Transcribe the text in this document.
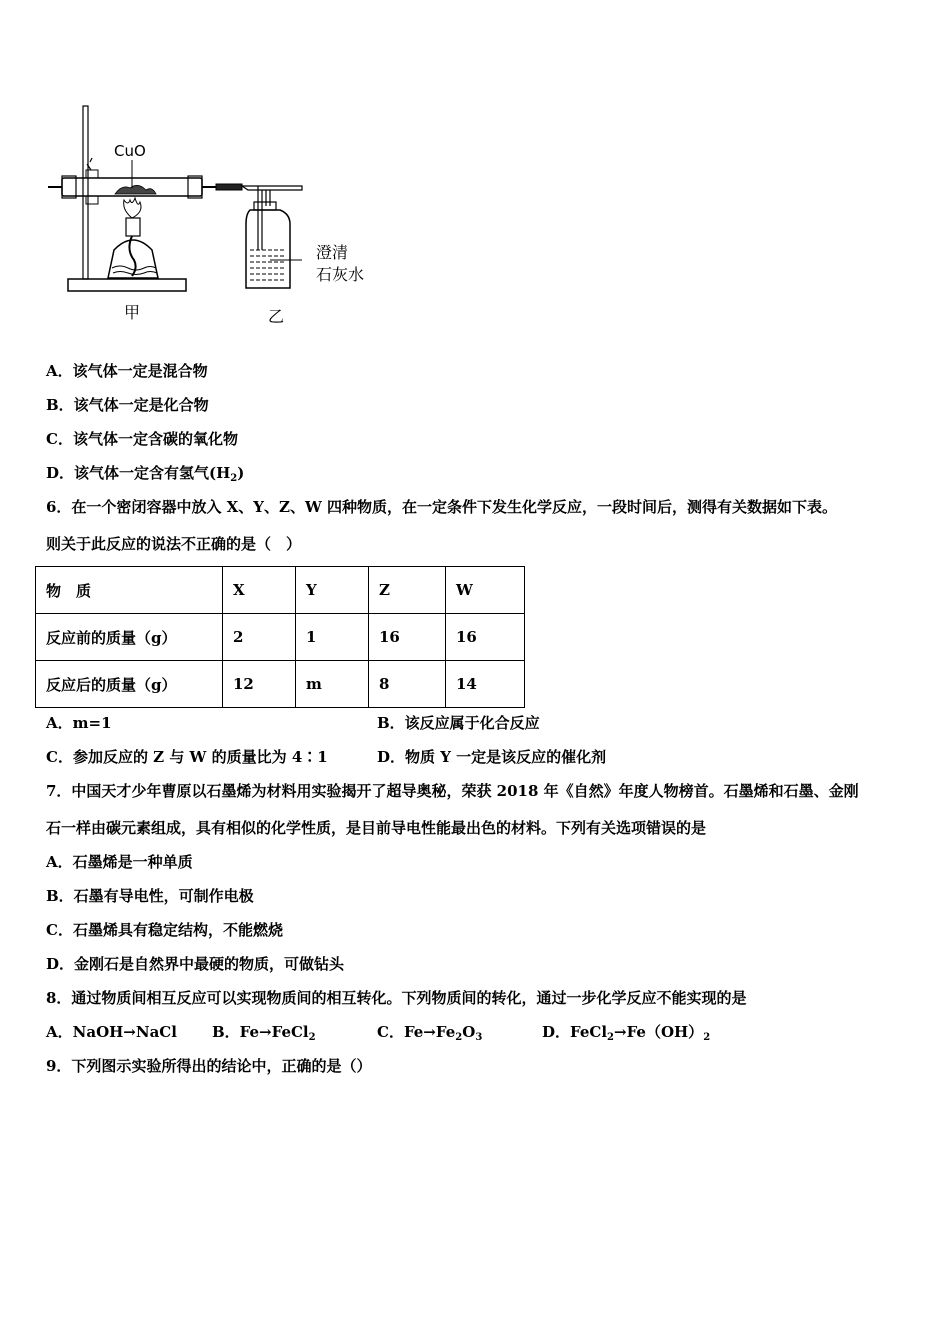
CuO
澄清
石灰水
甲	乙
A．该气体一定是混合物
B．该气体一定是化合物
C．该气体一定含碳的氧化物
D．该气体一定含有氢气$(H_2)$
6．在一个密闭容器中放入 X、Y、Z、W 四种物质，在一定条件下发生化学反应，一段时间后，测得有关数据如下表。
则关于此反应的说法不正确的是（　）
物　质	X	Y	Z	W
反应前的质量（g）	2	1	16	16
反应后的质量（g）	12	m	8	14
A．m=1	B．该反应属于化合反应
C．参加反应的 Z 与 W 的质量比为 4∶1	D．物质 Y 一定是该反应的催化剂
7．中国天才少年曹原以石墨烯为材料用实验揭开了超导奥秘，荣获 2018 年《自然》年度人物榜首。石墨烯和石墨、金刚
石一样由碳元素组成，具有相似的化学性质，是目前导电性能最出色的材料。下列有关选项错误的是
A．石墨烯是一种单质
B．石墨有导电性，可制作电极
C．石墨烯具有稳定结构，不能燃烧
D．金刚石是自然界中最硬的物质，可做钻头
8．通过物质间相互反应可以实现物质间的相互转化。下列物质间的转化，通过一步化学反应不能实现的是
A．NaOH→NaCl B．Fe→FeCl$_2$	C．$Fe\to Fe_2O_3$	D．$FeCl_2\to Fe(OH)_2$
9．下列图示实验所得出的结论中，正确的是（）
